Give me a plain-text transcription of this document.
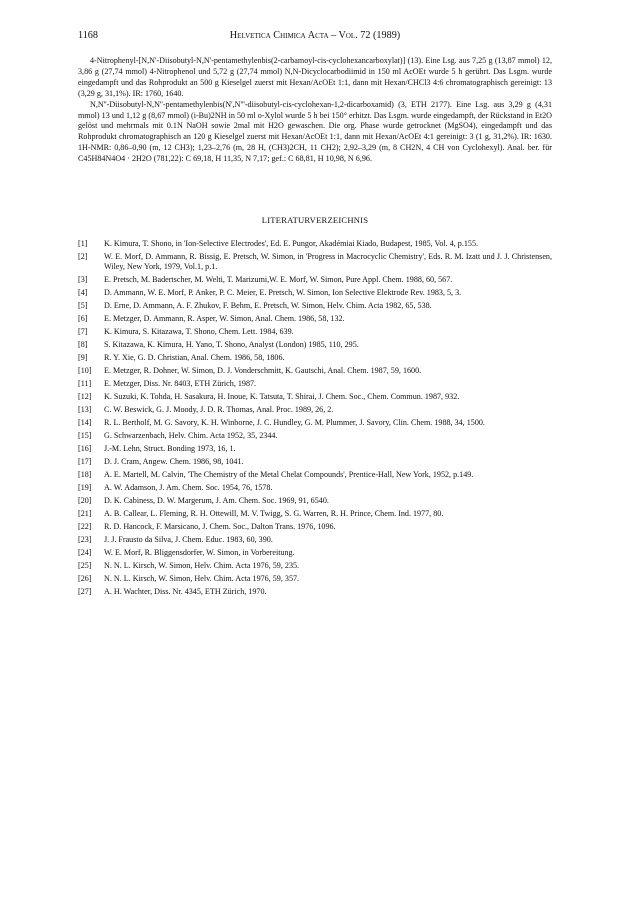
1168	Helvetica Chimica Acta – Vol. 72 (1989)

4-Nitrophenyl-[N,N'-Diisobutyl-N,N'-pentamethylenbis(2-carbamoyl-cis-cyclohexancarboxylat)] (13). Eine Lsg. aus 7,25 g (13,87 mmol) 12, 3,86 g (27,74 mmol) 4-Nitrophenol und 5,72 g (27,74 mmol) N,N-Dicyclocarbodiimid in 150 ml AcOEt wurde 5 h gerührt. Das Lsgm. wurde eingedampft und das Rohprodukt an 500 g Kieselgel zuerst mit Hexan/AcOEt 1:1, dann mit Hexan/CHCl3 4:6 chromatographisch gereinigt: 13 (3,29 g, 31,1%). IR: 1760, 1640.

N,N''-Diisobutyl-N,N''-pentamethylenbis(N',N'''-diisobutyl-cis-cyclohexan-1,2-dicarboxamid) (3, ETH 2177). Eine Lsg. aus 3,29 g (4,31 mmol) 13 und 1,12 g (8,67 mmol) (i-Bu)2NH in 50 ml o-Xylol wurde 5 h bei 150° erhitzt. Das Lsgm. wurde eingedampft, der Rückstand in Et2O gelöst und mehrmals mit 0.1N NaOH sowie 2mal mit H2O gewaschen. Die org. Phase wurde getrocknet (MgSO4), eingedampft und das Rohprodukt chromatographisch an 120 g Kieselgel zuerst mit Hexan/AcOEt 1:1, dann mit Hexan/AcOEt 4:1 gereinigt: 3 (1 g, 31,2%). IR: 1630. 1H-NMR: 0,86–0,90 (m, 12 CH3); 1,23–2,76 (m, 28 H, (CH3)2CH, 11 CH2); 2,92–3,29 (m, 8 CH2N, 4 CH von Cyclohexyl). Anal. ber. für C45H84N4O4 · 2H2O (781,22): C 69,18, H 11,35, N 7,17; gef.: C 68,81, H 10,98, N 6,96.

LITERATURVERZEICHNIS
[1]	K. Kimura, T. Shono, in 'Ion-Selective Electrodes', Ed. E. Pungor, Akadémiai Kiado, Budapest, 1985, Vol. 4, p.155.
[2]	W. E. Morf, D. Ammann, R. Bissig, E. Pretsch, W. Simon, in 'Progress in Macrocyclic Chemistry', Eds. R. M. Izatt und J. J. Christensen, Wiley, New York, 1979, Vol.1, p.1.
[3]	E. Pretsch, M. Badertscher, M. Welti, T. Marizumi,W. E. Morf, W. Simon, Pure Appl. Chem. 1988, 60, 567.
[4]	D. Ammann, W. E. Morf, P. Anker, P. C. Meier, E. Pretsch, W. Simon, Ion Selective Elektrode Rev. 1983, 5, 3.
[5]	D. Erne, D. Ammann, A. F. Zhukov, F. Behm, E. Pretsch, W. Simon, Helv. Chim. Acta 1982, 65, 538.
[6]	E. Metzger, D. Ammann, R. Asper, W. Simon, Anal. Chem. 1986, 58, 132.
[7]	K. Kimura, S. Kitazawa, T. Shono, Chem. Lett. 1984, 639.
[8]	S. Kitazawa, K. Kimura, H. Yano, T. Shono, Analyst (London) 1985, 110, 295.
[9]	R. Y. Xie, G. D. Christian, Anal. Chem. 1986, 58, 1806.
[10]	E. Metzger, R. Dohner, W. Simon, D. J. Vonderschmitt, K. Gautschi, Anal. Chem. 1987, 59, 1600.
[11]	E. Metzger, Diss. Nr. 8403, ETH Zürich, 1987.
[12]	K. Suzuki, K. Tohda, H. Sasakura, H. Inoue, K. Tatsuta, T. Shirai, J. Chem. Soc., Chem. Commun. 1987, 932.
[13]	C. W. Beswick, G. J. Moody, J. D. R. Thomas, Anal. Proc. 1989, 26, 2.
[14]	R. L. Bertholf, M. G. Savory, K. H. Winborne, J. C. Hundley, G. M. Plummer, J. Savory, Clin. Chem. 1988, 34, 1500.
[15]	G. Schwarzenbach, Helv. Chim. Acta 1952, 35, 2344.
[16]	J.-M. Lehn, Struct. Bonding 1973, 16, 1.
[17]	D. J. Cram, Angew. Chem. 1986, 98, 1041.
[18]	A. E. Martell, M. Calvin, 'The Chemistry of the Metal Chelat Compounds', Prentice-Hall, New York, 1952, p.149.
[19]	A. W. Adamson, J. Am. Chem. Soc. 1954, 76, 1578.
[20]	D. K. Cabiness, D. W. Margerum, J. Am. Chem. Soc. 1969, 91, 6540.
[21]	A. B. Callear, L. Fleming, R. H. Ottewill, M. V. Twigg, S. G. Warren, R. H. Prince, Chem. Ind. 1977, 80.
[22]	R. D. Hancock, F. Marsicano, J. Chem. Soc., Dalton Trans. 1976, 1096.
[23]	J. J. Frausto da Silva, J. Chem. Educ. 1983, 60, 390.
[24]	W. E. Morf, R. Bliggensdorfer, W. Simon, in Vorbereitung.
[25]	N. N. L. Kirsch, W. Simon, Helv. Chim. Acta 1976, 59, 235.
[26]	N. N. L. Kirsch, W. Simon, Helv. Chim. Acta 1976, 59, 357.
[27]	A. H. Wachter, Diss. Nr. 4345, ETH Zürich, 1970.
